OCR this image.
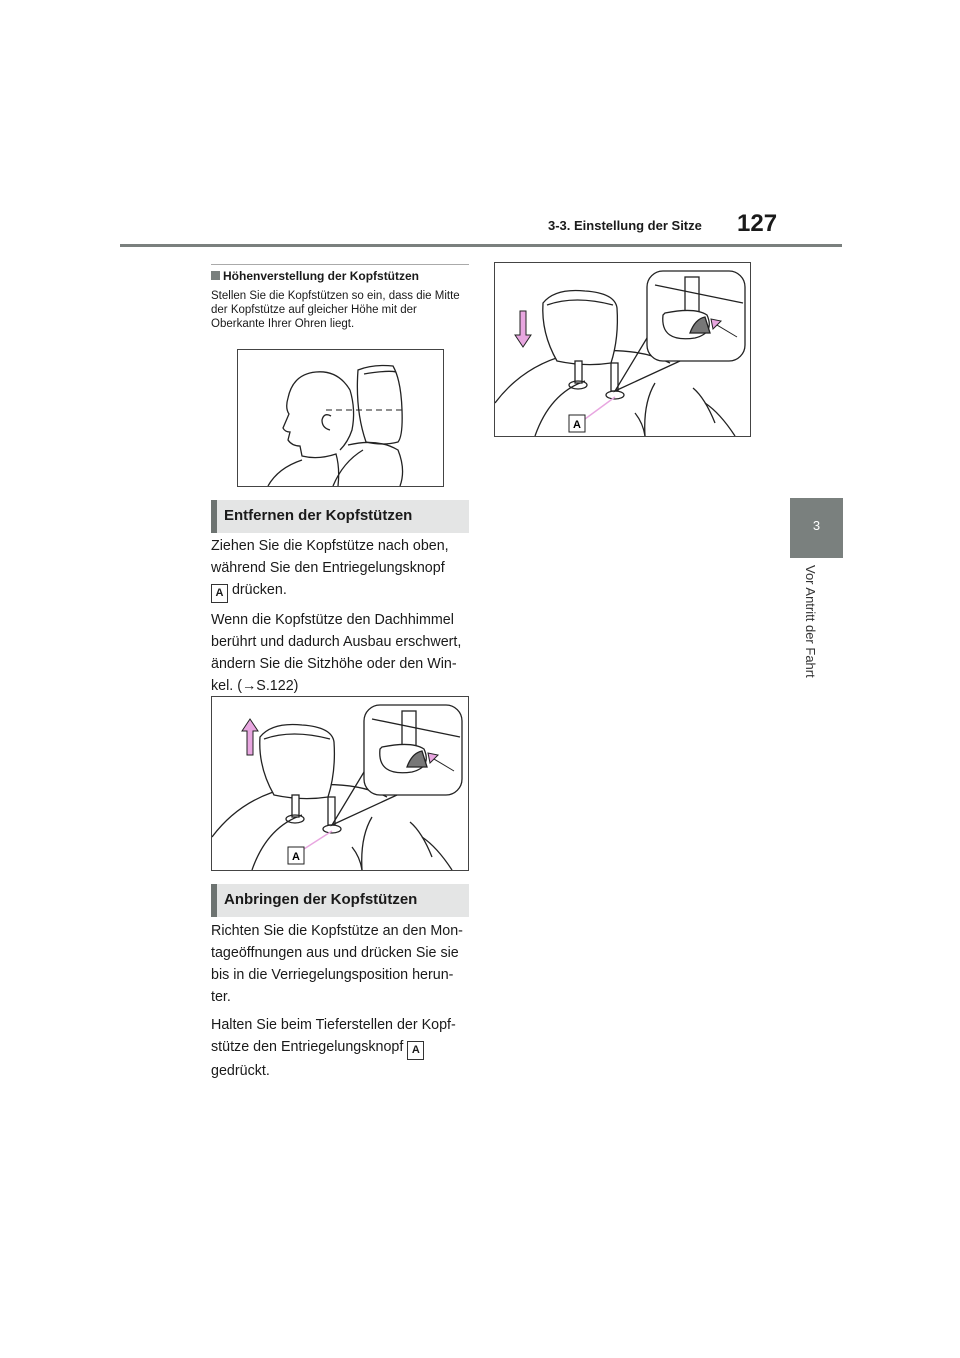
3-3. Einstellung der Sitze 127
3
Vor Antritt der Fahrt
Höhenverstellung der Kopfstützen
Stellen Sie die Kopfstützen so ein, dass die Mitte der Kopfstütze auf gleicher Höhe mit der Oberkante Ihrer Ohren liegt.
Entfernen der Kopfstützen

Ziehen Sie die Kopfstütze nach oben, während Sie den Entriegelungsknopf
A drücken.

Wenn die Kopfstütze den Dachhimmel berührt und dadurch Ausbau erschwert, ändern Sie die Sitzhöhe oder den Win-kel. (→S.122)

A
Anbringen der Kopfstützen

Richten Sie die Kopfstütze an den Mon-tageöffnungen aus und drücken Sie sie bis in die Verriegelungsposition herun-ter.

Halten Sie beim Tieferstellen der Kopf-stütze den Entriegelungsknopf A
gedrückt.

A
